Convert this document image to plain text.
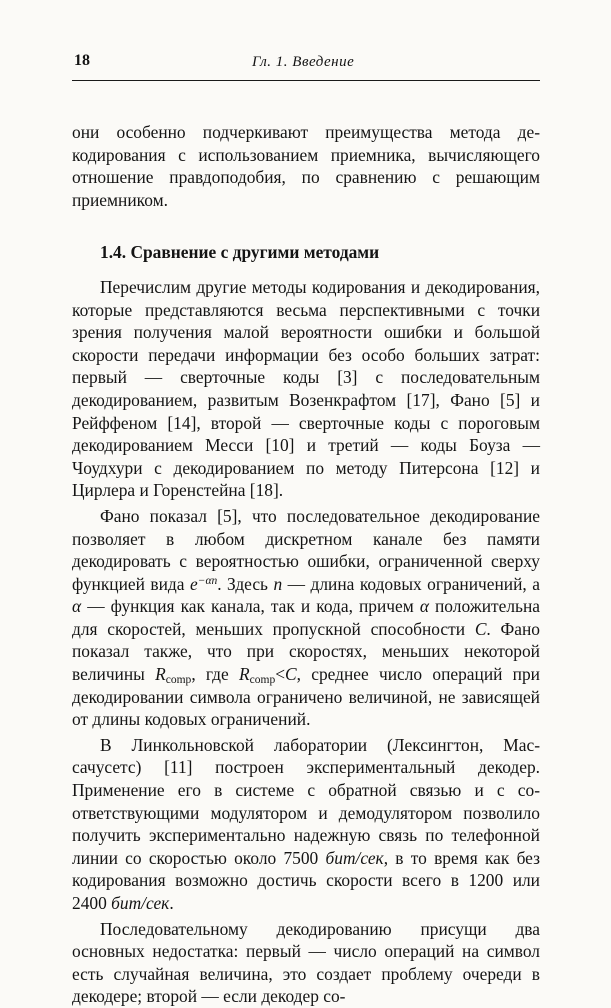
18	Гл. 1. Введение

они особенно подчеркивают преимущества метода декодирования с использованием приемника, вычисляющего отношение правдоподобия, по сравнению с решающим приемником.

1.4. Сравнение с другими методами

Перечислим другие методы кодирования и декодирования, которые представляются весьма перспективными с точки зрения получения малой вероятности ошибки и большой скорости передачи информации без особо больших затрат: первый — сверточные коды [3] с последовательным декодированием, развитым Возенкрафтом [17], Фано [5] и Рейффеном [14], второй — сверточные коды с пороговым декодированием Месси [10] и третий — коды Боуза — Чоудхури с декодированием по методу Питерсона [12] и Цирлера и Горенстейна [18].

Фано показал [5], что последовательное декодирование позволяет в любом дискретном канале без памяти декодировать с вероятностью ошибки, ограниченной сверху функцией вида $e^{-\alpha n}$. Здесь n — длина кодовых ограничений, а α — функция как канала, так и кода, причем α положительна для скоростей, меньших пропускной способности C. Фано показал также, что при скоростях, меньших некоторой величины $R_{comp}$, где $R_{comp}<C$, среднее число операций при декодировании символа ограничено величиной, не зависящей от длины кодовых ограничений.

В Линкольновской лаборатории (Лексингтон, Массачусетс) [11] построен экспериментальный декодер. Применение его в системе с обратной связью и с соответствующими модулятором и демодулятором позволило получить экспериментально надежную связь по телефонной линии со скоростью около 7500 бит/сек, в то время как без кодирования возможно достичь скорости всего в 1200 или 2400 бит/сек.

Последовательному декодированию присущи два основных недостатка: первый — число операций на символ есть случайная величина, это создает проблему очереди в декодере; второй — если декодер со-
